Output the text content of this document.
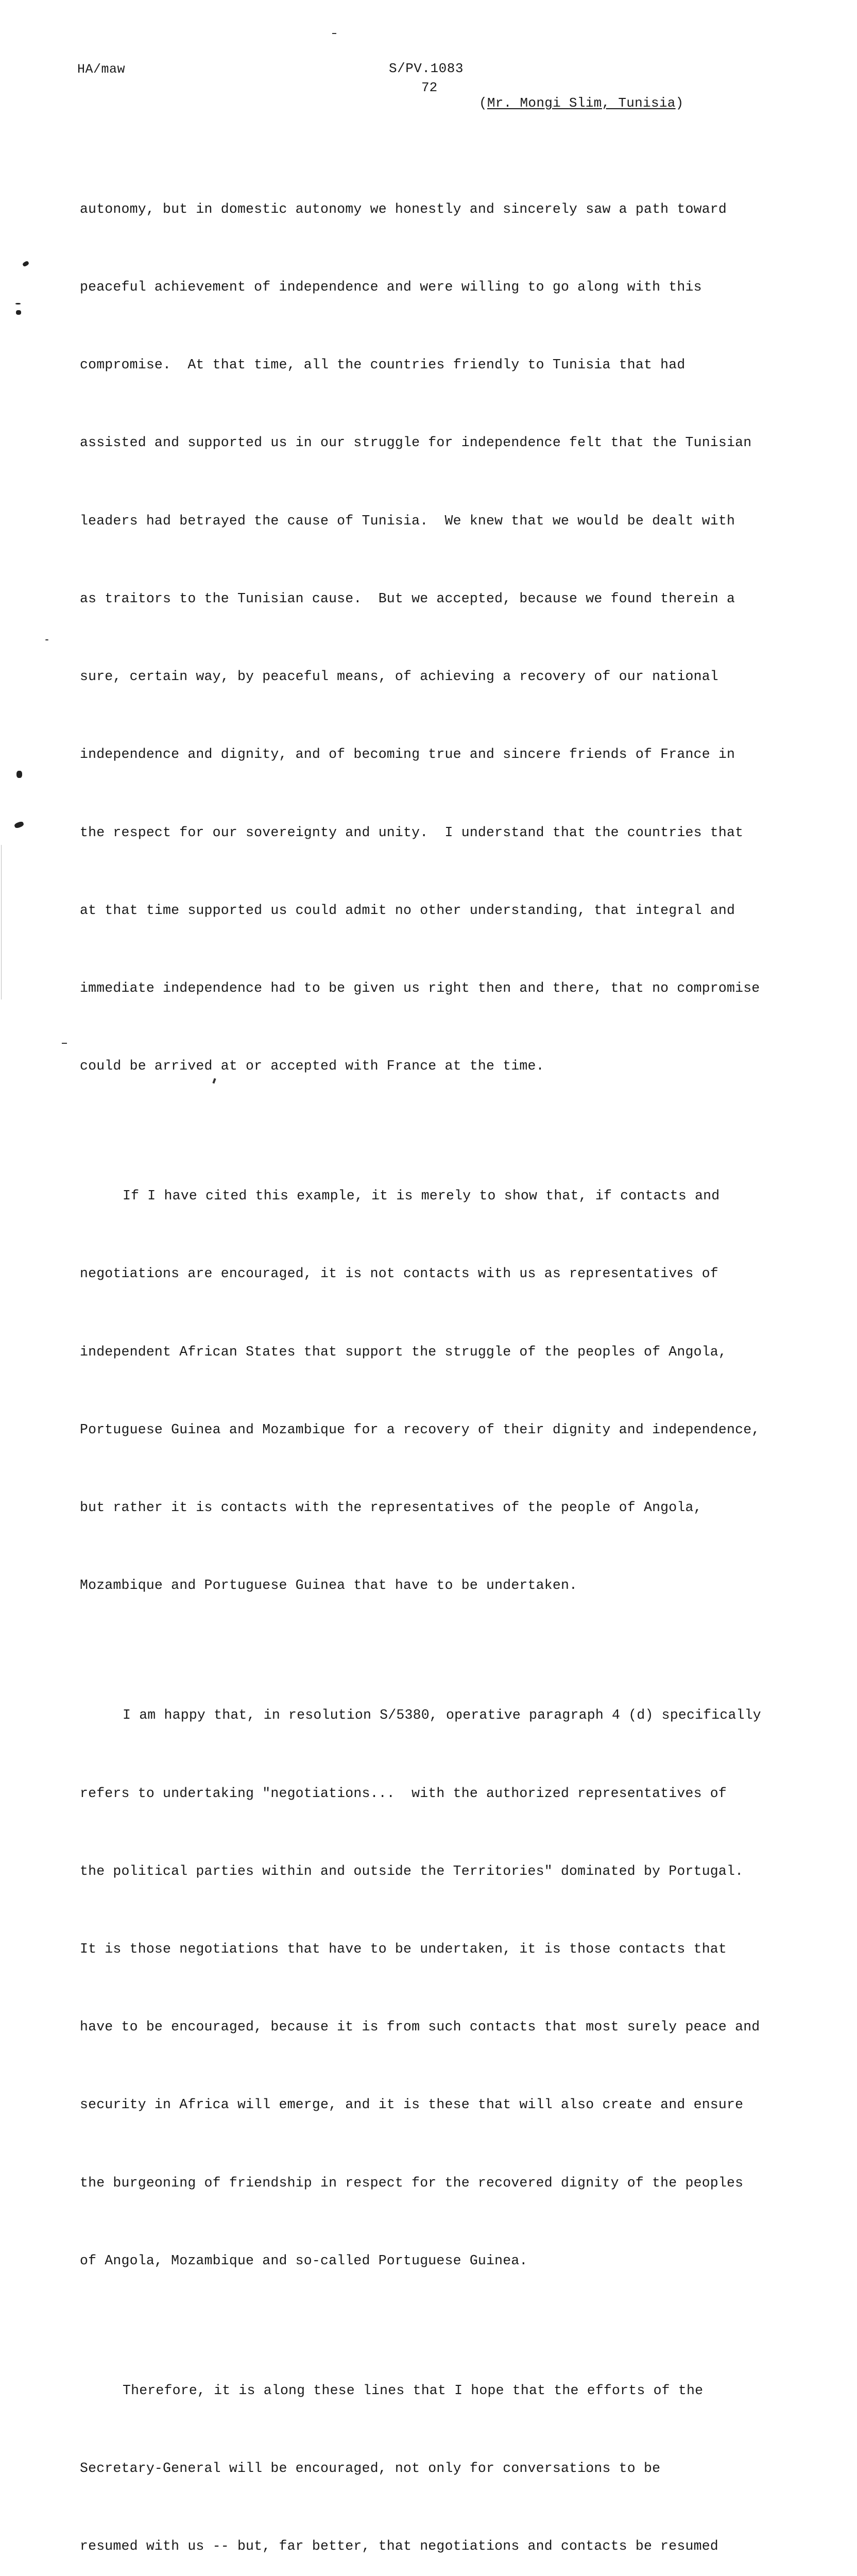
HA/maw	S/PV.1083
72
(Mr. Mongi Slim, Tunisia)

autonomy, but in domestic autonomy we honestly and sincerely saw a path toward

peaceful achievement of independence and were willing to go along with this

compromise.  At that time, all the countries friendly to Tunisia that had

assisted and supported us in our struggle for independence felt that the Tunisian

leaders had betrayed the cause of Tunisia.  We knew that we would be dealt with

as traitors to the Tunisian cause.  But we accepted, because we found therein a

sure, certain way, by peaceful means, of achieving a recovery of our national

independence and dignity, and of becoming true and sincere friends of France in

the respect for our sovereignty and unity.  I understand that the countries that

at that time supported us could admit no other understanding, that integral and

immediate independence had to be given us right then and there, that no compromise

could be arrived at or accepted with France at the time.

If I have cited this example, it is merely to show that, if contacts and

negotiations are encouraged, it is not contacts with us as representatives of

independent African States that support the struggle of the peoples of Angola,

Portuguese Guinea and Mozambique for a recovery of their dignity and independence,

but rather it is contacts with the representatives of the people of Angola,

Mozambique and Portuguese Guinea that have to be undertaken.

I am happy that, in resolution S/5380, operative paragraph 4 (d) specifically

refers to undertaking "negotiations...  with the authorized representatives of

the political parties within and outside the Territories" dominated by Portugal.

It is those negotiations that have to be undertaken, it is those contacts that

have to be encouraged, because it is from such contacts that most surely peace and

security in Africa will emerge, and it is these that will also create and ensure

the burgeoning of friendship in respect for the recovered dignity of the peoples

of Angola, Mozambique and so-called Portuguese Guinea.

Therefore, it is along these lines that I hope that the efforts of the

Secretary-General will be encouraged, not only for conversations to be

resumed with us -- but, far better, that negotiations and contacts be resumed
